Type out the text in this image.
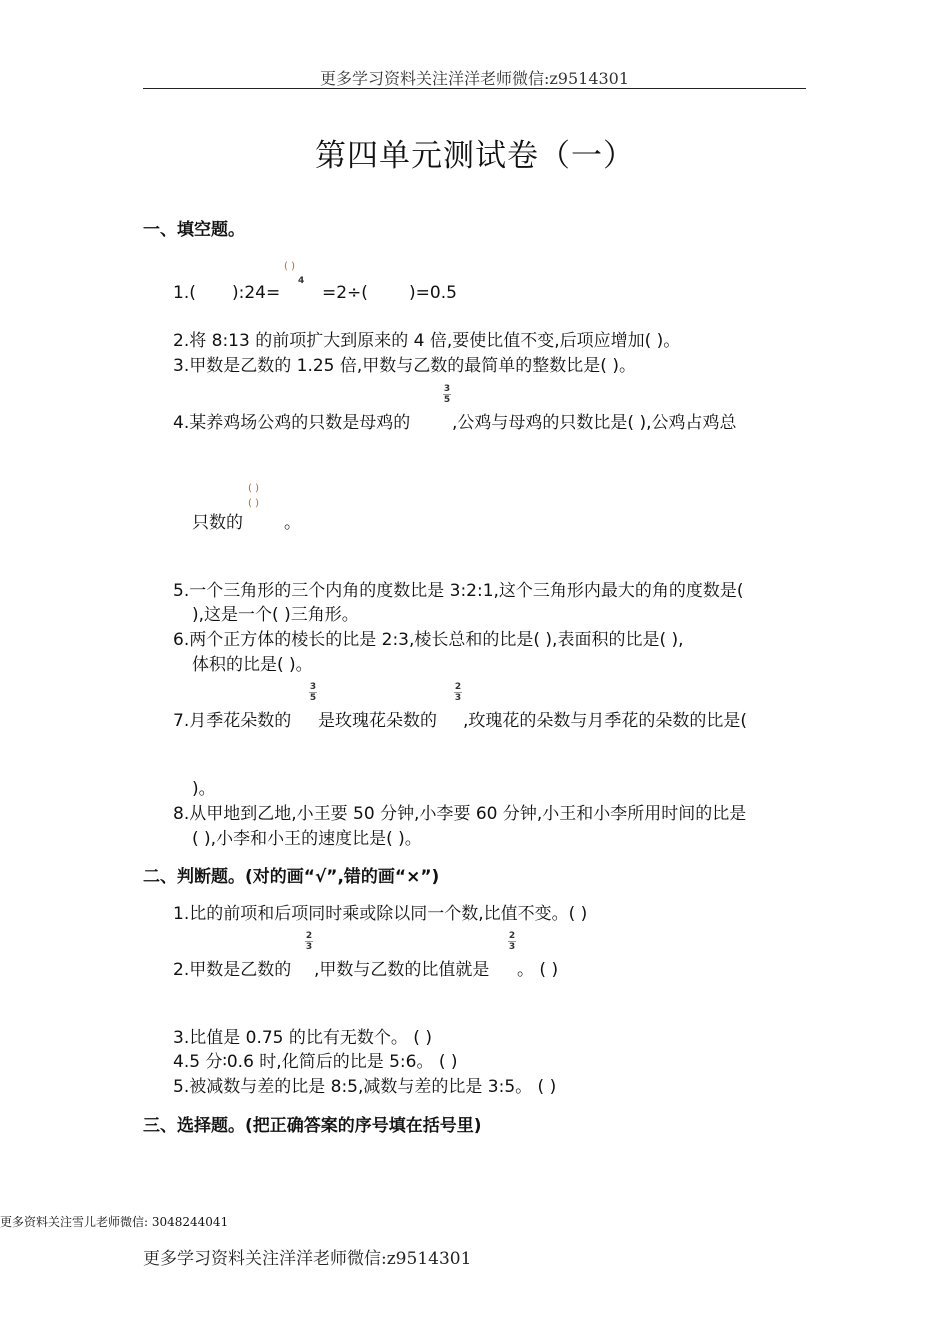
更多学习资料关注洋洋老师微信:z9514301
第四单元测试卷（一）
一、填空题。
1.( ):24=
( )
4
=2÷( )=0.5
2.将 8:13 的前项扩大到原来的 4 倍,要使比值不变,后项应增加( )。
3.甲数是乙数的 1.25 倍,甲数与乙数的最简单的整数比是( )。
4.某养鸡场公鸡的只数是母鸡的
3
5
,公鸡与母鸡的只数比是( ),公鸡占鸡总
只数的
( )
( )
。
5.一个三角形的三个内角的度数比是 3:2:1,这个三角形内最大的角的度数是(
),这是一个( )三角形。
6.两个正方体的棱长的比是 2:3,棱长总和的比是( ),表面积的比是( ),
体积的比是( )。
7.月季花朵数的
3
5
是玫瑰花朵数的
2
3
,玫瑰花的朵数与月季花的朵数的比是(
)。
8.从甲地到乙地,小王要 50 分钟,小李要 60 分钟,小王和小李所用时间的比是
( ),小李和小王的速度比是( )。
二、判断题。(对的画“√”,错的画“×”)
1.比的前项和后项同时乘或除以同一个数,比值不变。( )
2.甲数是乙数的
2
3
,甲数与乙数的比值就是
2
3
。 ( )
3.比值是 0.75 的比有无数个。 ( )
4.5 分∶0.6 时,化简后的比是 5:6。 ( )
5.被减数与差的比是 8:5,减数与差的比是 3:5。 ( )
三、选择题。(把正确答案的序号填在括号里)
更多资料关注雪儿老师微信: 3048244041
更多学习资料关注洋洋老师微信:z9514301
